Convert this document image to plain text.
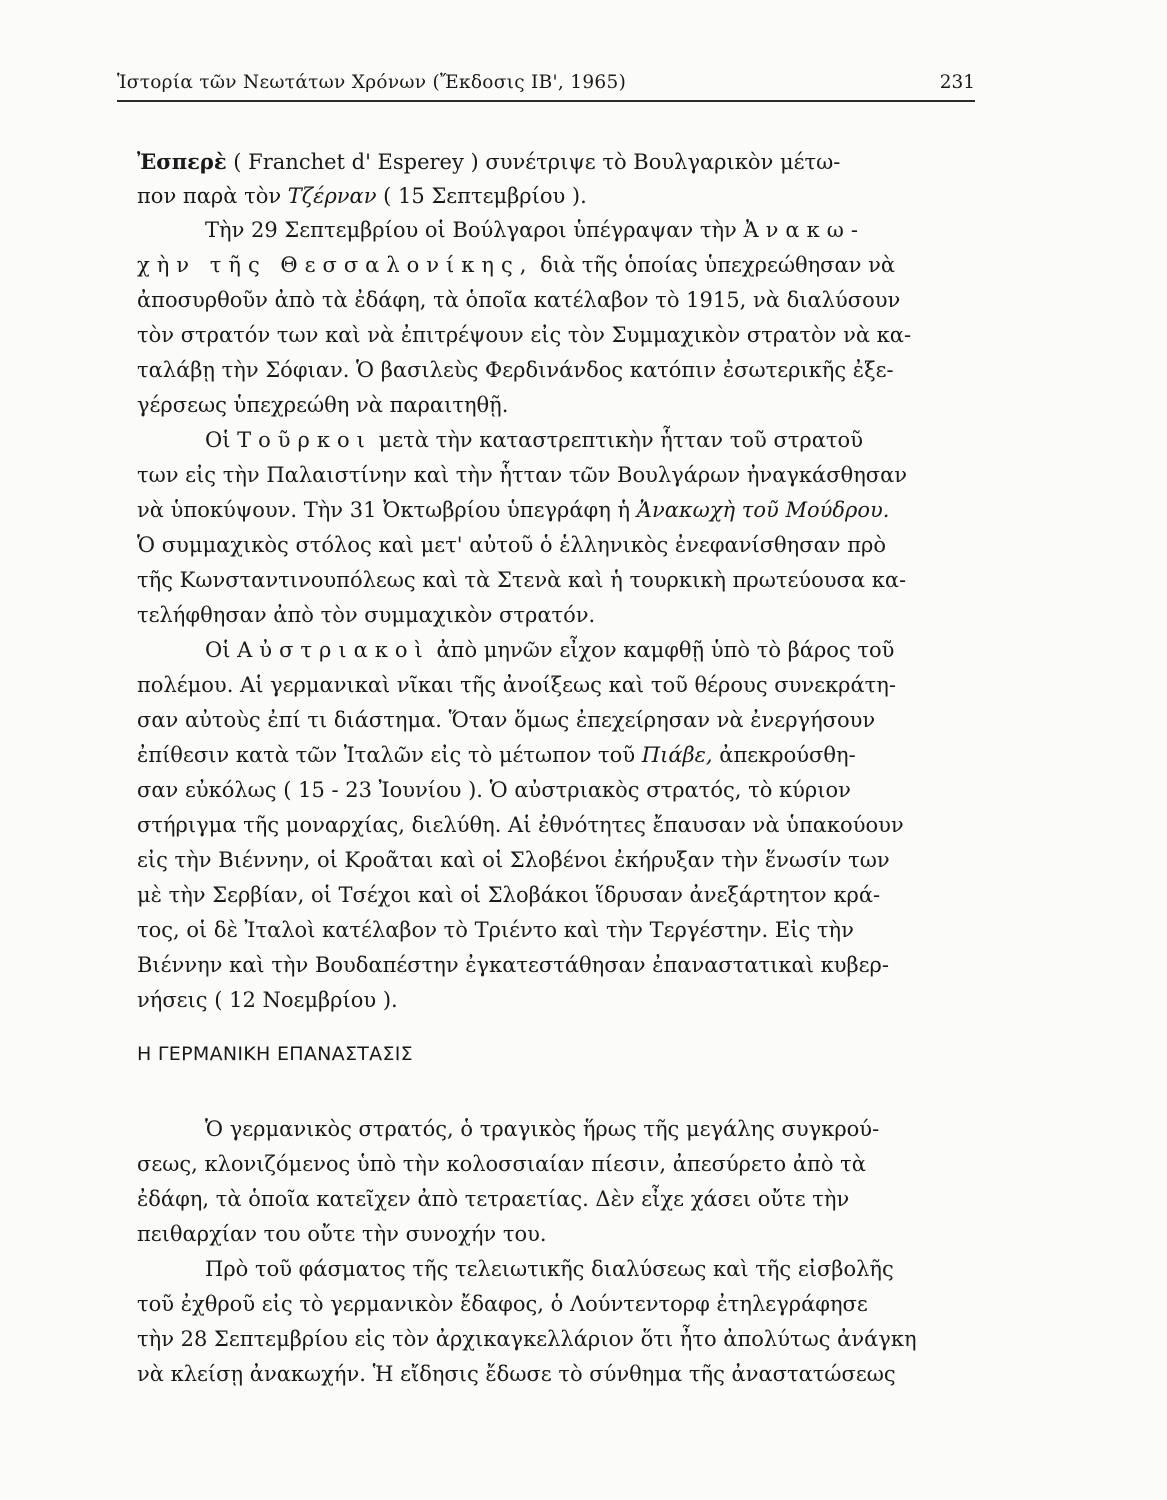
Ἱστορία τῶν Νεωτάτων Χρόνων (Ἔκδοσις ΙΒ', 1965)	231
Ἐσπερὲ ( Franchet d' Esperey ) συνέτριψε τὸ Βουλγαρικὸν μέτω-
πον παρὰ τὸν Τζέρναν ( 15 Σεπτεμβρίου ).
Τὴν 29 Σεπτεμβρίου οἱ Βούλγαροι ὑπέγραψαν τὴν Ἀνακω-
χὴν τῆς Θεσσαλονίκης, διὰ τῆς ὁποίας ὑπεχρεώθησαν νὰ
ἀποσυρθοῦν ἀπὸ τὰ ἐδάφη, τὰ ὁποῖα κατέλαβον τὸ 1915, νὰ διαλύσουν
τὸν στρατόν των καὶ νὰ ἐπιτρέψουν εἰς τὸν Συμμαχικὸν στρατὸν νὰ κα-
ταλάβῃ τὴν Σόφιαν. Ὁ βασιλεὺς Φερδινάνδος κατόπιν ἐσωτερικῆς ἐξε-
γέρσεως ὑπεχρεώθη νὰ παραιτηθῇ.
Οἱ Τοῦρκοι μετὰ τὴν καταστρεπτικὴν ἧτταν τοῦ στρατοῦ
των εἰς τὴν Παλαιστίνην καὶ τὴν ἧτταν τῶν Βουλγάρων ἠναγκάσθησαν
νὰ ὑποκύψουν. Τὴν 31 Ὀκτωβρίου ὑπεγράφη ἡ Ἀνακωχὴ τοῦ Μούδρου.
Ὁ συμμαχικὸς στόλος καὶ μετ' αὐτοῦ ὁ ἑλληνικὸς ἐνεφανίσθησαν πρὸ
τῆς Κωνσταντινουπόλεως καὶ τὰ Στενὰ καὶ ἡ τουρκικὴ πρωτεύουσα κα-
τελήφθησαν ἀπὸ τὸν συμμαχικὸν στρατόν.
Οἱ Αὐστριακοὶ ἀπὸ μηνῶν εἶχον καμφθῇ ὑπὸ τὸ βάρος τοῦ
πολέμου. Αἱ γερμανικαὶ νῖκαι τῆς ἀνοίξεως καὶ τοῦ θέρους συνεκράτη-
σαν αὐτοὺς ἐπί τι διάστημα. Ὅταν ὅμως ἐπεχείρησαν νὰ ἐνεργήσουν
ἐπίθεσιν κατὰ τῶν Ἰταλῶν εἰς τὸ μέτωπον τοῦ Πιάβε, ἀπεκρούσθη-
σαν εὐκόλως ( 15 - 23 Ἰουνίου ). Ὁ αὐστριακὸς στρατός, τὸ κύριον
στήριγμα τῆς μοναρχίας, διελύθη. Αἱ ἐθνότητες ἔπαυσαν νὰ ὑπακούουν
εἰς τὴν Βιέννην, οἱ Κροᾶται καὶ οἱ Σλοβένοι ἐκήρυξαν τὴν ἕνωσίν των
μὲ τὴν Σερβίαν, οἱ Τσέχοι καὶ οἱ Σλοβάκοι ἵδρυσαν ἀνεξάρτητον κρά-
τος, οἱ δὲ Ἰταλοὶ κατέλαβον τὸ Τριέντο καὶ τὴν Τεργέστην. Εἰς τὴν
Βιέννην καὶ τὴν Βουδαπέστην ἐγκατεστάθησαν ἐπαναστατικαὶ κυβερ-
νήσεις ( 12 Νοεμβρίου ).
Η ΓΕΡΜΑΝΙΚΗ ΕΠΑΝΑΣΤΑΣΙΣ
Ὁ γερμανικὸς στρατός, ὁ τραγικὸς ἥρως τῆς μεγάλης συγκρού-
σεως, κλονιζόμενος ὑπὸ τὴν κολοσσιαίαν πίεσιν, ἀπεσύρετο ἀπὸ τὰ
ἐδάφη, τὰ ὁποῖα κατεῖχεν ἀπὸ τετραετίας. Δὲν εἶχε χάσει οὔτε τὴν
πειθαρχίαν του οὔτε τὴν συνοχήν του.
Πρὸ τοῦ φάσματος τῆς τελειωτικῆς διαλύσεως καὶ τῆς εἰσβολῆς
τοῦ ἐχθροῦ εἰς τὸ γερμανικὸν ἔδαφος, ὁ Λούντεντορφ ἐτηλεγράφησε
τὴν 28 Σεπτεμβρίου εἰς τὸν ἀρχικαγκελλάριον ὅτι ἦτο ἀπολύτως ἀνάγκη
νὰ κλείσῃ ἀνακωχήν. Ἡ εἴδησις ἔδωσε τὸ σύνθημα τῆς ἀναστατώσεως
